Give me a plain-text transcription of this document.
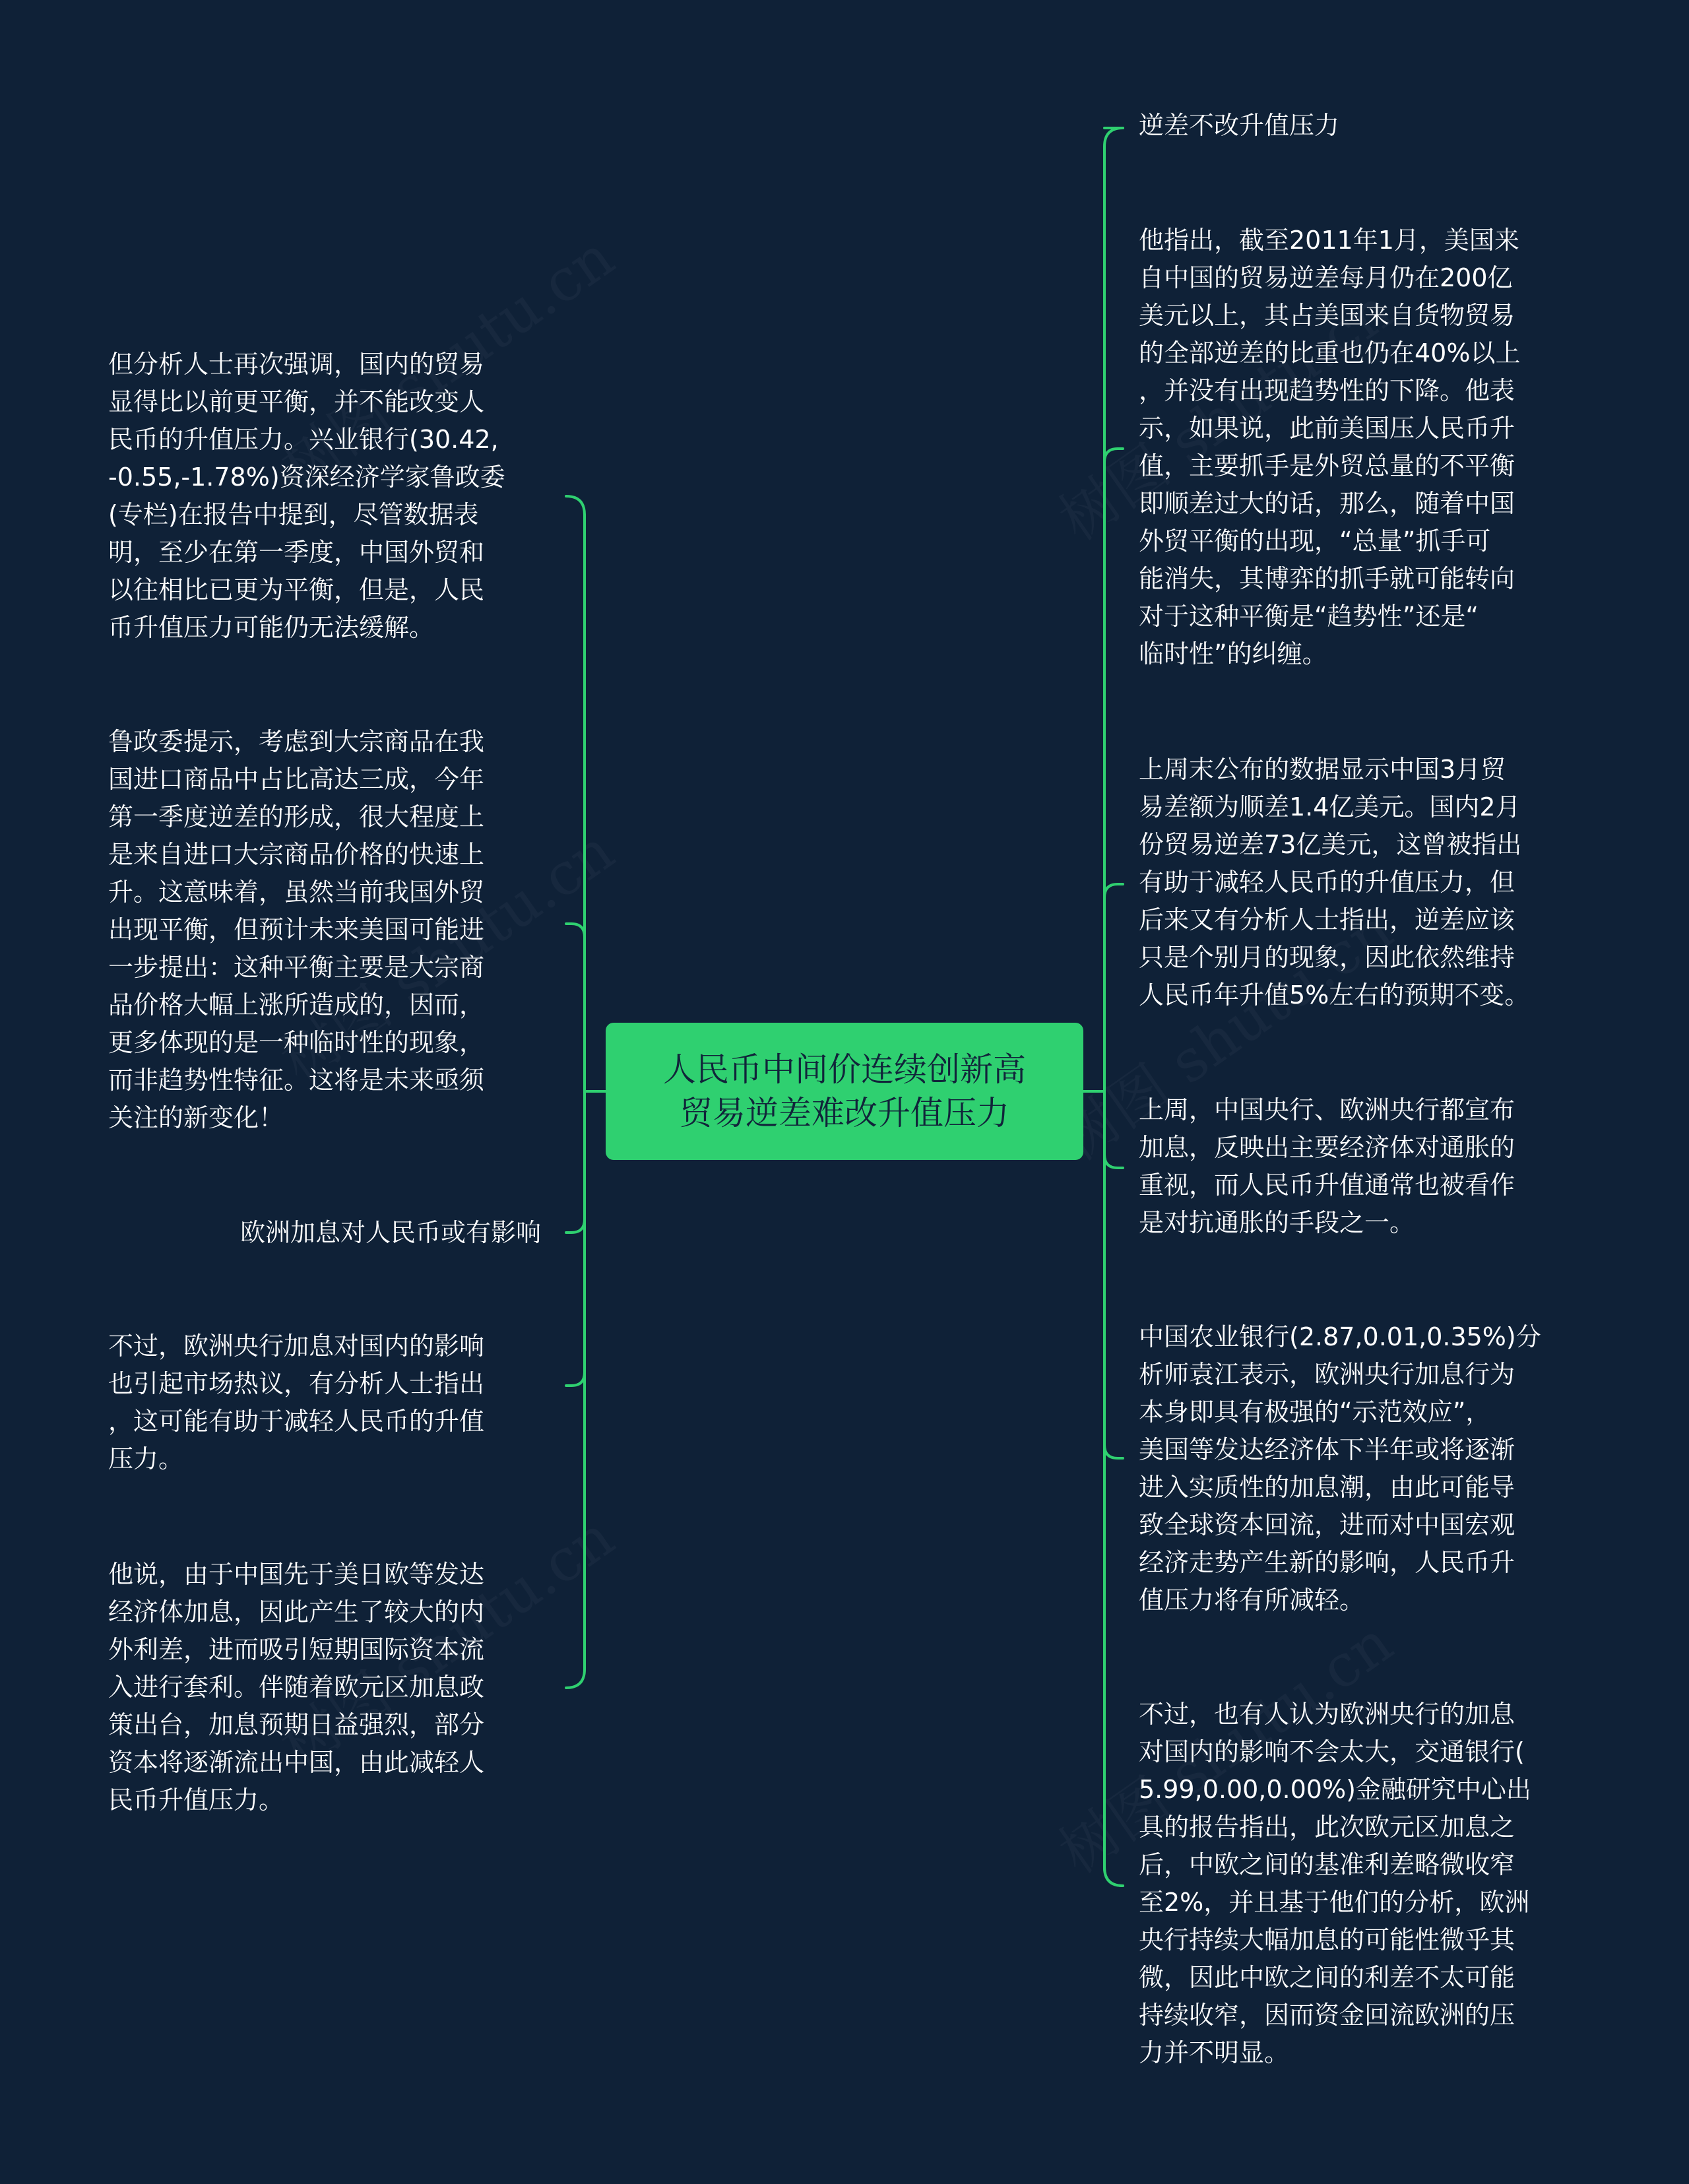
人民币中间价连续创新高
贸易逆差难改升值压力
逆差不改升值压力
他指出，截至2011年1月，美国来
自中国的贸易逆差每月仍在200亿
美元以上，其占美国来自货物贸易
的全部逆差的比重也仍在40%以上
，并没有出现趋势性的下降。他表
示，如果说，此前美国压人民币升
值，主要抓手是外贸总量的不平衡
即顺差过大的话，那么，随着中国
外贸平衡的出现，“总量”抓手可
能消失，其博弈的抓手就可能转向
对于这种平衡是“趋势性”还是“
临时性”的纠缠。
上周末公布的数据显示中国3月贸
易差额为顺差1.4亿美元。国内2月
份贸易逆差73亿美元，这曾被指出
有助于减轻人民币的升值压力，但
后来又有分析人士指出，逆差应该
只是个别月的现象，因此依然维持
人民币年升值5%左右的预期不变。
上周，中国央行、欧洲央行都宣布
加息，反映出主要经济体对通胀的
重视，而人民币升值通常也被看作
是对抗通胀的手段之一。
中国农业银行(2.87,0.01,0.35%)分
析师袁江表示，欧洲央行加息行为
本身即具有极强的“示范效应”，
美国等发达经济体下半年或将逐渐
进入实质性的加息潮，由此可能导
致全球资本回流，进而对中国宏观
经济走势产生新的影响，人民币升
值压力将有所减轻。
不过，也有人认为欧洲央行的加息
对国内的影响不会太大，交通银行(
5.99,0.00,0.00%)金融研究中心出
具的报告指出，此次欧元区加息之
后，中欧之间的基准利差略微收窄
至2%，并且基于他们的分析，欧洲
央行持续大幅加息的可能性微乎其
微，因此中欧之间的利差不太可能
持续收窄，因而资金回流欧洲的压
力并不明显。
但分析人士再次强调，国内的贸易
显得比以前更平衡，并不能改变人
民币的升值压力。兴业银行(30.42,
-0.55,-1.78%)资深经济学家鲁政委
(专栏)在报告中提到，尽管数据表
明，至少在第一季度，中国外贸和
以往相比已更为平衡，但是，人民
币升值压力可能仍无法缓解。
鲁政委提示，考虑到大宗商品在我
国进口商品中占比高达三成，今年
第一季度逆差的形成，很大程度上
是来自进口大宗商品价格的快速上
升。这意味着，虽然当前我国外贸
出现平衡，但预计未来美国可能进
一步提出：这种平衡主要是大宗商
品价格大幅上涨所造成的，因而，
更多体现的是一种临时性的现象，
而非趋势性特征。这将是未来亟须
关注的新变化！
欧洲加息对人民币或有影响
不过，欧洲央行加息对国内的影响
也引起市场热议，有分析人士指出
，这可能有助于减轻人民币的升值
压力。
他说，由于中国先于美日欧等发达
经济体加息，因此产生了较大的内
外利差，进而吸引短期国际资本流
入进行套利。伴随着欧元区加息政
策出台，加息预期日益强烈，部分
资本将逐渐流出中国，由此减轻人
民币升值压力。
